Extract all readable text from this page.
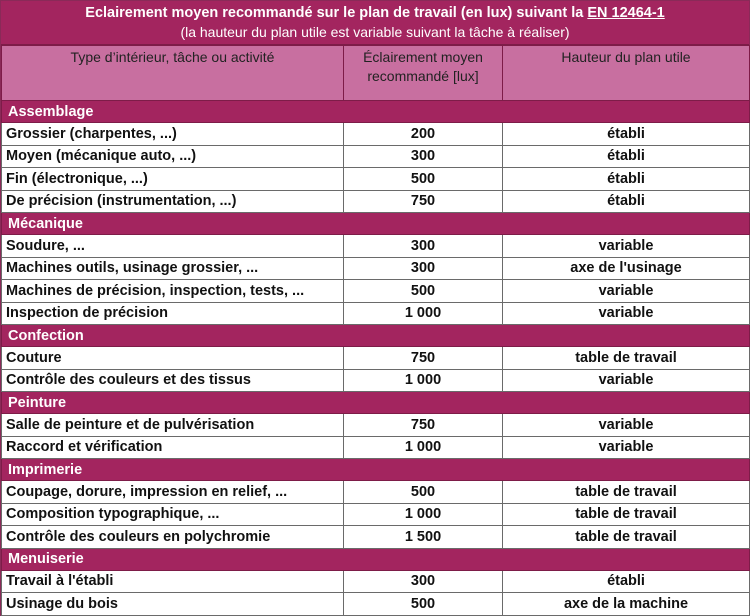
Eclairement moyen recommandé sur le plan de travail (en lux) suivant la EN 12464-1
(la hauteur du plan utile est variable suivant la tâche à réaliser)
Type d’intérieur, tâche ou activité	Éclairement moyen recommandé [lux]	Hauteur du plan utile
Assemblage		
Grossier (charpentes, ...)	200	établi
Moyen (mécanique auto, ...)	300	établi
Fin (électronique, ...)	500	établi
De précision (instrumentation, ...)	750	établi
Mécanique		
Soudure, ...	300	variable
Machines outils, usinage grossier, ...	300	axe de l'usinage
Machines de précision, inspection, tests, ...	500	variable
Inspection de précision	1 000	variable
Confection		
Couture	750	table de travail
Contrôle des couleurs et des tissus	1 000	variable
Peinture		
Salle de peinture et de pulvérisation	750	variable
Raccord et vérification	1 000	variable
Imprimerie		
Coupage, dorure, impression en relief, ...	500	table de travail
Composition typographique, ...	1 000	table de travail
Contrôle des couleurs en polychromie	1 500	table de travail
Menuiserie		
Travail à l'établi	300	établi
Usinage du bois	500	axe de la machine
